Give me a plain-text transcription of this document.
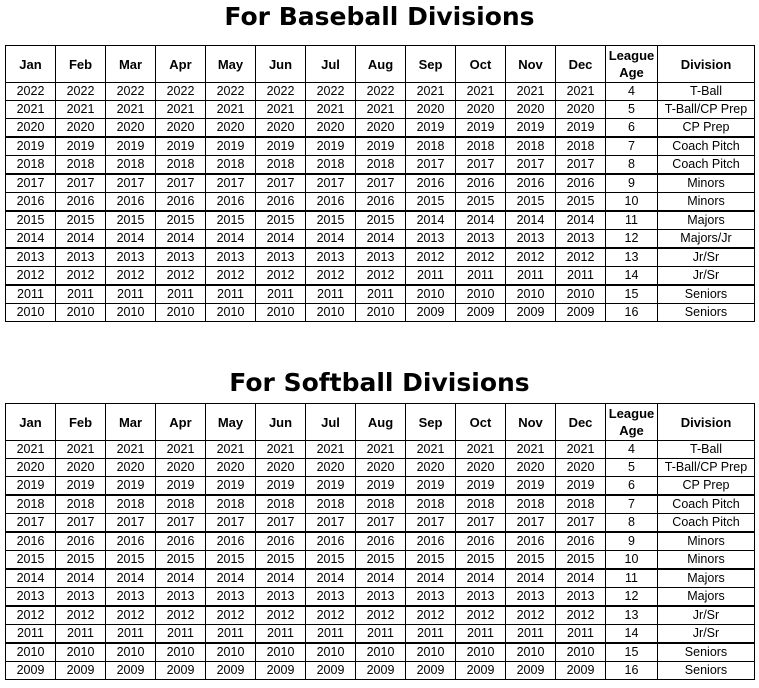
For Baseball Divisions
Jan	Feb	Mar	Apr	May	Jun	Jul	Aug	Sep	Oct	Nov	Dec	League Age	Division
2022	2022	2022	2022	2022	2022	2022	2022	2021	2021	2021	2021	4	T-Ball
2021	2021	2021	2021	2021	2021	2021	2021	2020	2020	2020	2020	5	T-Ball/CP Prep
2020	2020	2020	2020	2020	2020	2020	2020	2019	2019	2019	2019	6	CP Prep
2019	2019	2019	2019	2019	2019	2019	2019	2018	2018	2018	2018	7	Coach Pitch
2018	2018	2018	2018	2018	2018	2018	2018	2017	2017	2017	2017	8	Coach Pitch
2017	2017	2017	2017	2017	2017	2017	2017	2016	2016	2016	2016	9	Minors
2016	2016	2016	2016	2016	2016	2016	2016	2015	2015	2015	2015	10	Minors
2015	2015	2015	2015	2015	2015	2015	2015	2014	2014	2014	2014	11	Majors
2014	2014	2014	2014	2014	2014	2014	2014	2013	2013	2013	2013	12	Majors/Jr
2013	2013	2013	2013	2013	2013	2013	2013	2012	2012	2012	2012	13	Jr/Sr
2012	2012	2012	2012	2012	2012	2012	2012	2011	2011	2011	2011	14	Jr/Sr
2011	2011	2011	2011	2011	2011	2011	2011	2010	2010	2010	2010	15	Seniors
2010	2010	2010	2010	2010	2010	2010	2010	2009	2009	2009	2009	16	Seniors
For Softball Divisions
Jan	Feb	Mar	Apr	May	Jun	Jul	Aug	Sep	Oct	Nov	Dec	League Age	Division
2021	2021	2021	2021	2021	2021	2021	2021	2021	2021	2021	2021	4	T-Ball
2020	2020	2020	2020	2020	2020	2020	2020	2020	2020	2020	2020	5	T-Ball/CP Prep
2019	2019	2019	2019	2019	2019	2019	2019	2019	2019	2019	2019	6	CP Prep
2018	2018	2018	2018	2018	2018	2018	2018	2018	2018	2018	2018	7	Coach Pitch
2017	2017	2017	2017	2017	2017	2017	2017	2017	2017	2017	2017	8	Coach Pitch
2016	2016	2016	2016	2016	2016	2016	2016	2016	2016	2016	2016	9	Minors
2015	2015	2015	2015	2015	2015	2015	2015	2015	2015	2015	2015	10	Minors
2014	2014	2014	2014	2014	2014	2014	2014	2014	2014	2014	2014	11	Majors
2013	2013	2013	2013	2013	2013	2013	2013	2013	2013	2013	2013	12	Majors
2012	2012	2012	2012	2012	2012	2012	2012	2012	2012	2012	2012	13	Jr/Sr
2011	2011	2011	2011	2011	2011	2011	2011	2011	2011	2011	2011	14	Jr/Sr
2010	2010	2010	2010	2010	2010	2010	2010	2010	2010	2010	2010	15	Seniors
2009	2009	2009	2009	2009	2009	2009	2009	2009	2009	2009	2009	16	Seniors
